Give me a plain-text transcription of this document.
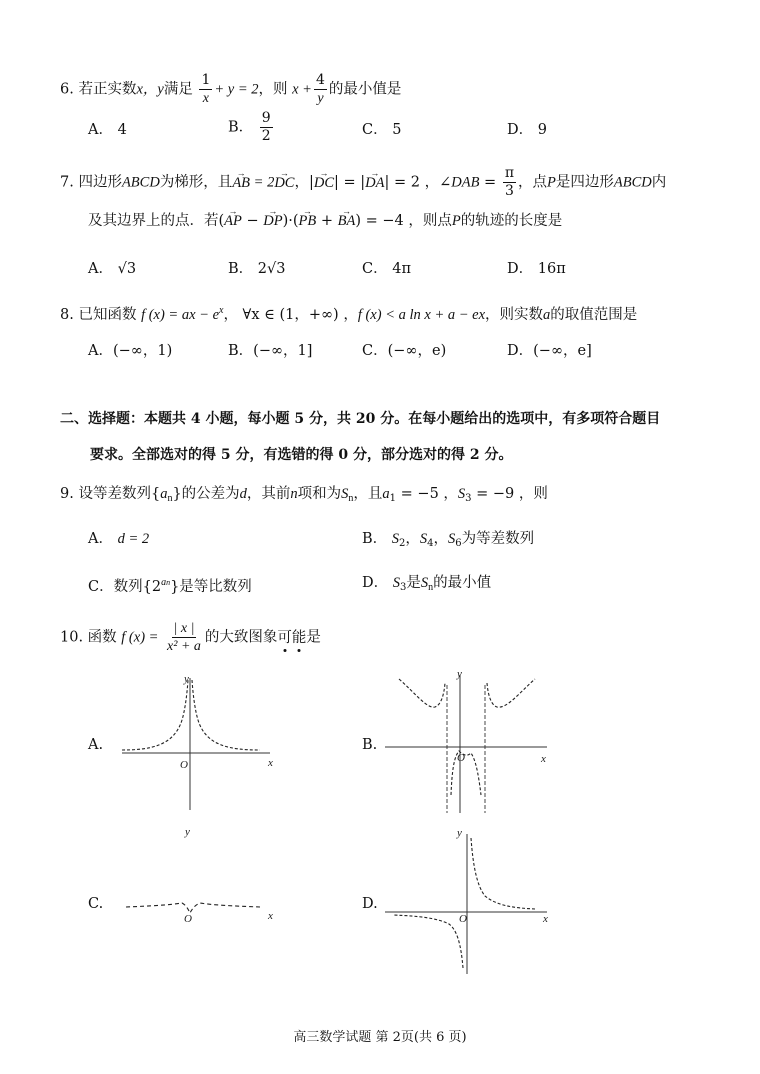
6. 若正实数x，y满足 $\frac{1}{x} + y = 2$，则 $x + \frac{4}{y}$ 的最小值是
A． 4	B． $\frac{9}{2}$	C． 5	D． 9
7. 四边形ABCD为梯形，且→ AB = 2→ DC，|→ DC| = |→ DA| = 2 ，∠DAB = $\frac{\pi}{3}$ ，点P是四边形ABCD内
及其边界上的点．若(→ AP − → DP)·(→ PB + → BA) = −4 ，则点P的轨迹的长度是
A． √3	B． 2√3	C． 4π	D． 16π
8. 已知函数 f (x) = ax − $e^x$， ∀x ∈ (1，+∞) ，f (x) < a ln x + a − ex，则实数a的取值范围是
A．(−∞，1)	B．(−∞，1]	C．(−∞，e)	D．(−∞，e]
二、选择题：本题共 4 小题，每小题 5 分，共 20 分。在每小题给出的选项中，有多项符合题目
要求。全部选对的得 5 分，有选错的得 0 分，部分选对的得 2 分。
9. 设等差数列$\{a_n\}$的公差为d，其前n项和为$S_n$，且$a_1 = -5$ ，$S_3 = -9$ ，则
A． d = 2	B． $S_2$，$S_4$，$S_6$为等差数列
C．数列$\{2^{an}\}$是等比数列	D． $S_3$是$S_n$的最小值
10. 函数 f $(x) = \frac{| x |}{\text{x² + a}}$ 的大致图象可能是
A.	B.
C.	D.
y
x
O
y
x
O
y
x
O
y
x
O
高三数学试题 第 2页(共 6 页)
